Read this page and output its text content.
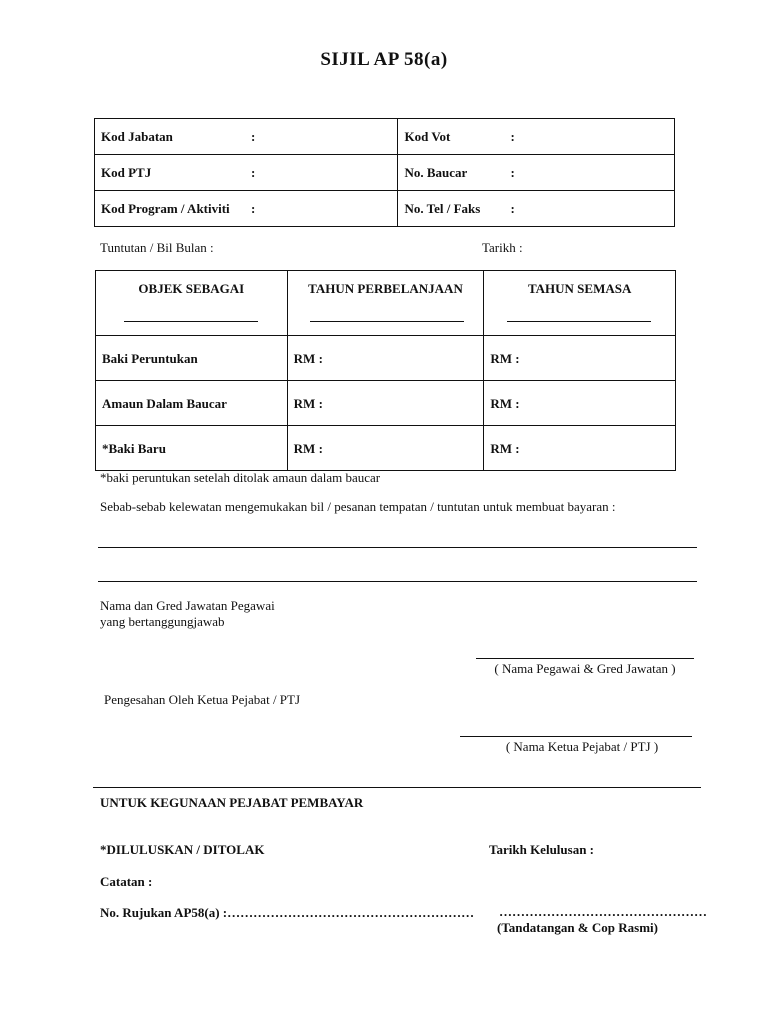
SIJIL AP 58(a)
Kod Jabatan :	Kod Vot :

Kod PTJ :	No. Baucar :

Kod Program / Aktiviti :	No. Tel / Faks :
Tuntutan / Bil Bulan :	Tarikh :
OBJEK SEBAGAI	TAHUN PERBELANJAAN	TAHUN SEMASA

Baki Peruntukan	RM :	RM :

Amaun Dalam Baucar	RM :	RM :

*Baki Baru	RM :	RM :
*baki peruntukan setelah ditolak amaun dalam baucar
Sebab-sebab kelewatan mengemukakan bil / pesanan tempatan / tuntutan untuk membuat bayaran :
Nama dan Gred Jawatan Pegawai
yang bertanggungjawab
( Nama Pegawai & Gred Jawatan )
Pengesahan Oleh Ketua Pejabat / PTJ
( Nama Ketua Pejabat / PTJ )
UNTUK KEGUNAAN PEJABAT PEMBAYAR
*DILULUSKAN / DITOLAK	Tarikh Kelulusan :
Catatan :
No. Rujukan AP58(a) :………………………………………………… …………………………………………
(Tandatangan & Cop Rasmi)
